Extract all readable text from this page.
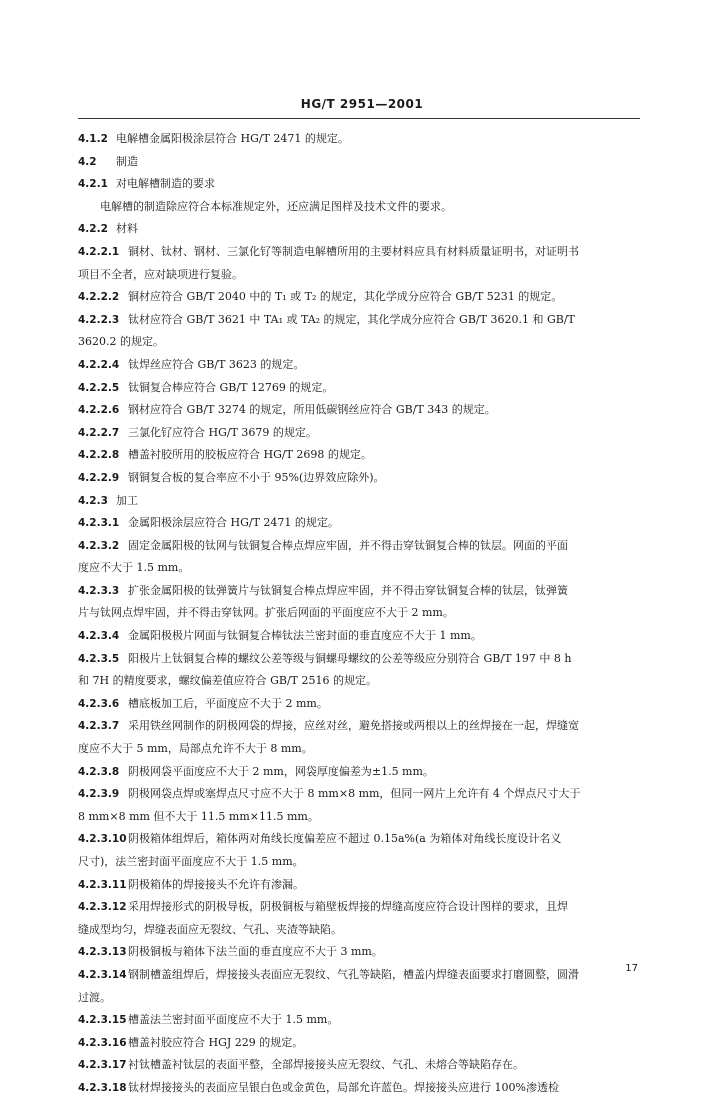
HG/T 2951—2001
4.1.2 电解槽金属阳极涂层符合 HG/T 2471 的规定。
4.2 制造
4.2.1 对电解槽制造的要求
电解槽的制造除应符合本标准规定外，还应满足图样及技术文件的要求。
4.2.2 材料
4.2.2.1 铜材、钛材、钢材、三氯化钌等制造电解槽所用的主要材料应具有材料质量证明书，对证明书
项目不全者，应对缺项进行复验。
4.2.2.2 铜材应符合 GB/T 2040 中的 T₁ 或 T₂ 的规定，其化学成分应符合 GB/T 5231 的规定。
4.2.2.3 钛材应符合 GB/T 3621 中 TA₁ 或 TA₂ 的规定，其化学成分应符合 GB/T 3620.1 和 GB/T
3620.2 的规定。
4.2.2.4 钛焊丝应符合 GB/T 3623 的规定。
4.2.2.5 钛铜复合棒应符合 GB/T 12769 的规定。
4.2.2.6 钢材应符合 GB/T 3274 的规定，所用低碳钢丝应符合 GB/T 343 的规定。
4.2.2.7 三氯化钌应符合 HG/T 3679 的规定。
4.2.2.8 槽盖衬胶所用的胶板应符合 HG/T 2698 的规定。
4.2.2.9 钢铜复合板的复合率应不小于 95%(边界效应除外)。
4.2.3 加工
4.2.3.1 金属阳极涂层应符合 HG/T 2471 的规定。
4.2.3.2 固定金属阳极的钛网与钛铜复合棒点焊应牢固，并不得击穿钛铜复合棒的钛层。网面的平面
度应不大于 1.5 mm。
4.2.3.3 扩张金属阳极的钛弹簧片与钛铜复合棒点焊应牢固，并不得击穿钛铜复合棒的钛层，钛弹簧
片与钛网点焊牢固，并不得击穿钛网。扩张后网面的平面度应不大于 2 mm。
4.2.3.4 金属阳极极片网面与钛铜复合棒钛法兰密封面的垂直度应不大于 1 mm。
4.2.3.5 阳极片上钛铜复合棒的螺纹公差等级与铜螺母螺纹的公差等级应分别符合 GB/T 197 中 8 h
和 7H 的精度要求，螺纹偏差值应符合 GB/T 2516 的规定。
4.2.3.6 槽底板加工后，平面度应不大于 2 mm。
4.2.3.7 采用铁丝网制作的阴极网袋的焊接，应丝对丝，避免搭接或两根以上的丝焊接在一起，焊缝宽
度应不大于 5 mm，局部点允许不大于 8 mm。
4.2.3.8 阴极网袋平面度应不大于 2 mm，网袋厚度偏差为±1.5 mm。
4.2.3.9 阴极网袋点焊或塞焊点尺寸应不大于 8 mm×8 mm，但同一网片上允许有 4 个焊点尺寸大于
8 mm×8 mm 但不大于 11.5 mm×11.5 mm。
4.2.3.10 阴极箱体组焊后，箱体两对角线长度偏差应不超过 0.15a%(a 为箱体对角线长度设计名义
尺寸)，法兰密封面平面度应不大于 1.5 mm。
4.2.3.11 阴极箱体的焊接接头不允许有渗漏。
4.2.3.12 采用焊接形式的阴极导板，阴极铜板与箱壁板焊接的焊缝高度应符合设计图样的要求，且焊
缝成型均匀，焊缝表面应无裂纹、气孔、夹渣等缺陷。
4.2.3.13 阴极铜板与箱体下法兰面的垂直度应不大于 3 mm。
4.2.3.14 钢制槽盖组焊后，焊接接头表面应无裂纹、气孔等缺陷，槽盖内焊缝表面要求打磨圆整，圆滑
过渡。
4.2.3.15 槽盖法兰密封面平面度应不大于 1.5 mm。
4.2.3.16 槽盖衬胶应符合 HGJ 229 的规定。
4.2.3.17 衬钛槽盖衬钛层的表面平整，全部焊接接头应无裂纹、气孔、未熔合等缺陷存在。
4.2.3.18 钛材焊接接头的表面应呈银白色或金黄色，局部允许蓝色。焊接接头应进行 100%渗透检
17
